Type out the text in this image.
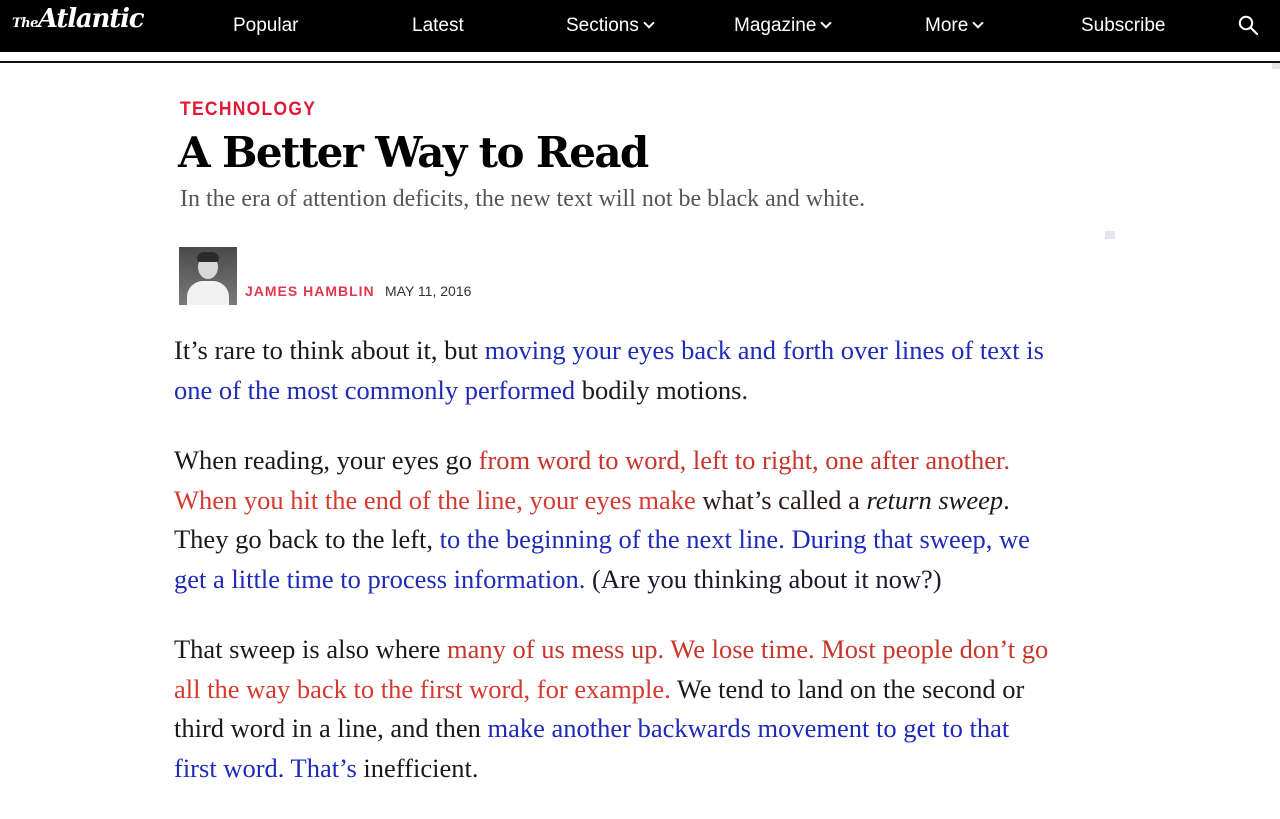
TheAtlantic	Popular	Latest	Sections	Magazine	More	Subscribe
TECHNOLOGY
A Better Way to Read

In the era of attention deficits, the new text will not be black and white.

JAMES HAMBLIN MAY 11, 2016

It’s rare to think about it, but moving your eyes back and forth over lines of text is
one of the most commonly performed bodily motions.

When reading, your eyes go from word to word, left to right, one after another.
When you hit the end of the line, your eyes make what’s called a return sweep.
They go back to the left, to the beginning of the next line. During that sweep, we
get a little time to process information. (Are you thinking about it now?)

That sweep is also where many of us mess up. We lose time. Most people don’t go
all the way back to the first word, for example. We tend to land on the second or
third word in a line, and then make another backwards movement to get to that
first word. That’s inefficient.
